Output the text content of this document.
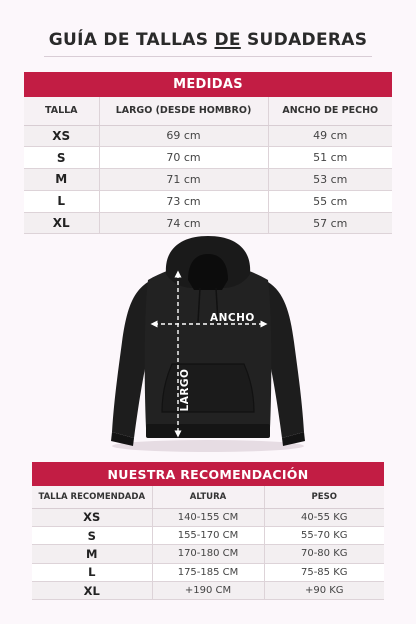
GUÍA DE TALLAS DE SUDADERAS
MEDIDAS		
TALLA	LARGO (DESDE HOMBRO)	ANCHO DE PECHO
XS	69 cm	49 cm
S	70 cm	51 cm
M	71 cm	53 cm
L	73 cm	55 cm
XL	74 cm	57 cm
ANCHO
LARGO
NUESTRA RECOMENDACIÓN		
TALLA RECOMENDADA	ALTURA	PESO
XS	140-155 CM	40-55 KG
S	155-170 CM	55-70 KG
M	170-180 CM	70-80 KG
L	175-185 CM	75-85 KG
XL	+190 CM	+90 KG
